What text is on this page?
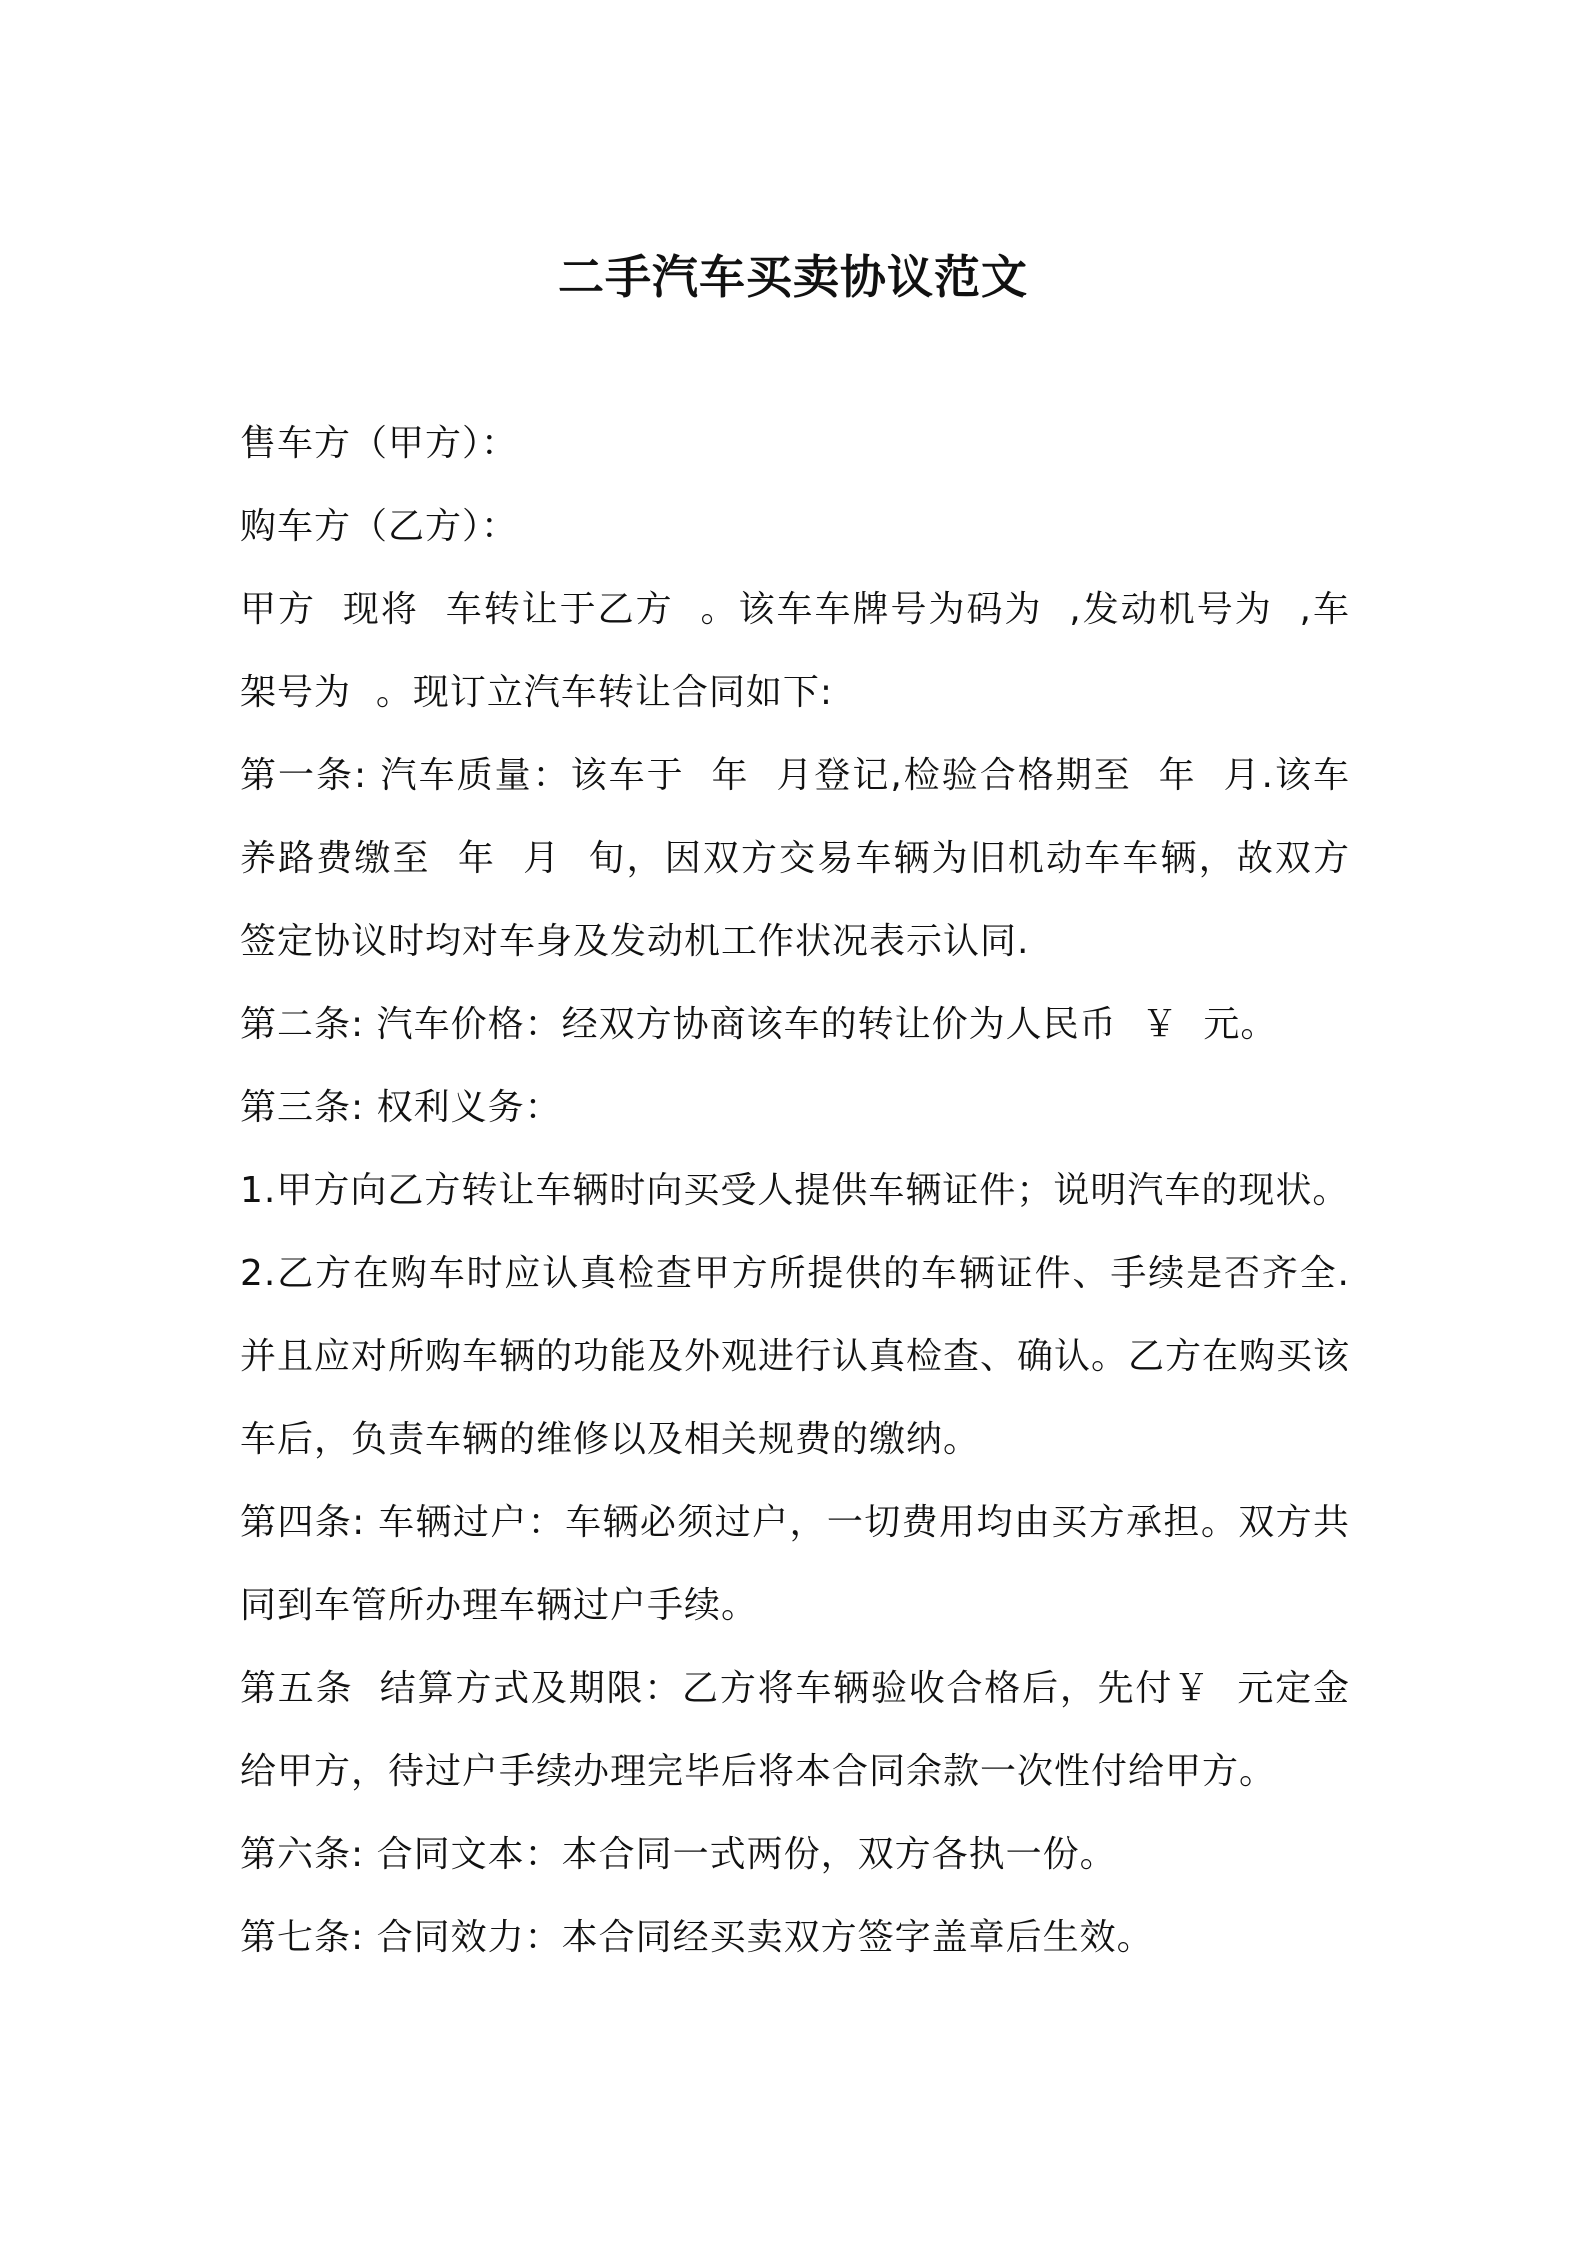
二手汽车买卖协议范文

售车方（甲方）：

购车方（乙方）：

甲方  现将  车转让于乙方  。该车车牌号为码为  ,发动机号为  ,车架号为  。现订立汽车转让合同如下:

第一条: 汽车质量：该车于  年  月登记,检验合格期至  年  月.该车养路费缴至  年  月  旬，因双方交易车辆为旧机动车车辆，故双方签定协议时均对车身及发动机工作状况表示认同.

第二条: 汽车价格：经双方协商该车的转让价为人民币  ￥  元。

第三条: 权利义务：

1.甲方向乙方转让车辆时向买受人提供车辆证件；说明汽车的现状。

2.乙方在购车时应认真检查甲方所提供的车辆证件、手续是否齐全.并且应对所购车辆的功能及外观进行认真检查、确认。乙方在购买该车后，负责车辆的维修以及相关规费的缴纳。

第四条: 车辆过户：车辆必须过户，一切费用均由买方承担。双方共同到车管所办理车辆过户手续。

第五条  结算方式及期限：乙方将车辆验收合格后，先付￥  元定金给甲方，待过户手续办理完毕后将本合同余款一次性付给甲方。

第六条: 合同文本：本合同一式两份，双方各执一份。

第七条: 合同效力：本合同经买卖双方签字盖章后生效。
